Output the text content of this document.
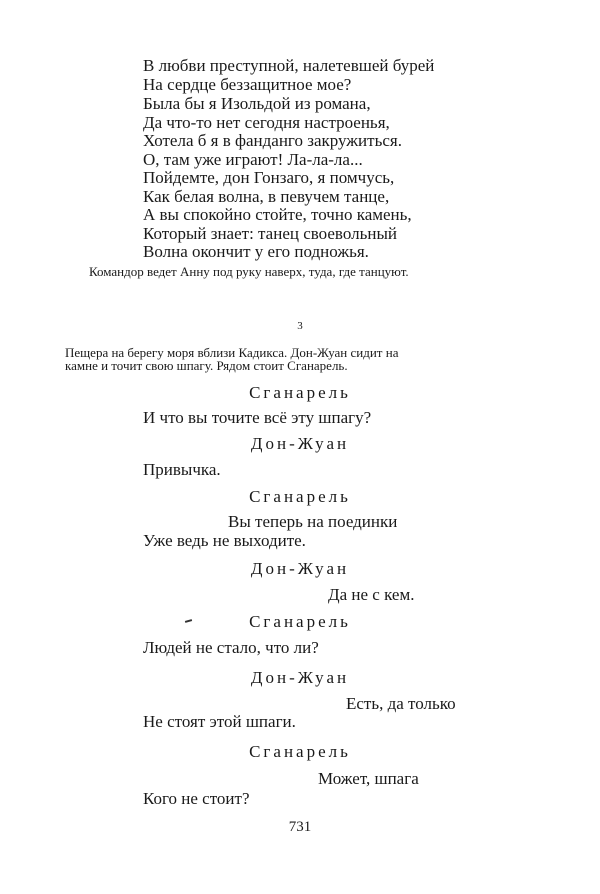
В любви преступной, налетевшей бурей
На сердце беззащитное мое?
Была бы я Изольдой из романа,
Да что-то нет сегодня настроенья,
Хотела б я в фанданго закружиться.
О, там уже играют! Ла-ла-ла...
Пойдемте, дон Гонзаго, я помчусь,
Как белая волна, в певучем танце,
А вы спокойно стойте, точно камень,
Который знает: танец своевольный
Волна окончит у его подножья.
Командор ведет Анну под руку наверх, туда, где танцуют.
3
Пещера на берегу моря вблизи Кадикса. Дон-Жуан сидит на
камне и точит свою шпагу. Рядом стоит Сганарель.
Сганарель
И что вы точите всё эту шпагу?
Дон-Жуан
Привычка.
Сганарель
Вы теперь на поединки
Уже ведь не выходите.
Дон-Жуан
Да не с кем.
Сганарель
Людей не стало, что ли?
Дон-Жуан
Есть, да только
Не стоят этой шпаги.
Сганарель
Может, шпага
Кого не стоит?
731
